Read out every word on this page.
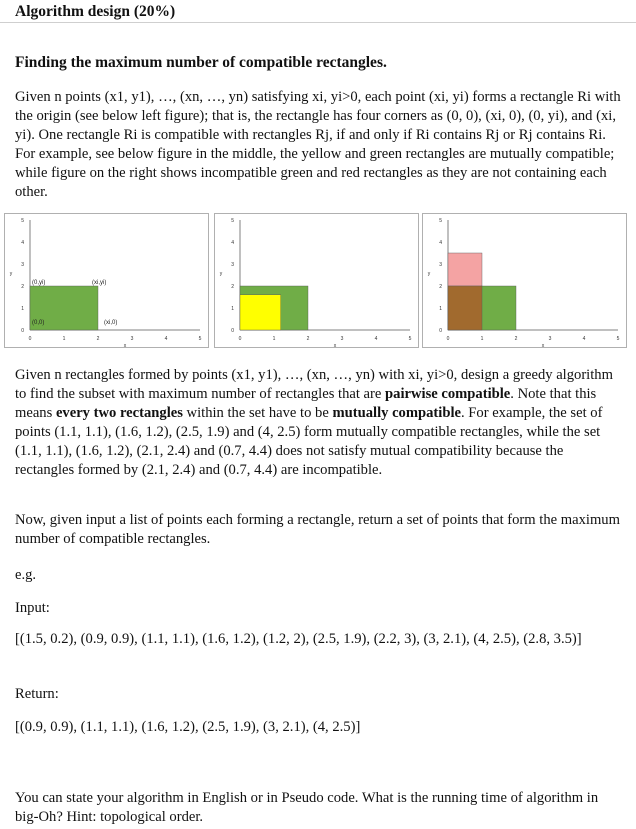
Algorithm design (20%)

Finding the maximum number of compatible rectangles.

Given n points (x1, y1), …, (xn, …, yn) satisfying xi, yi>0, each point (xi, yi) forms a rectangle Ri with the origin (see below left figure); that is, the rectangle has four corners as (0, 0), (xi, 0), (0, yi), and (xi, yi). One rectangle Ri is compatible with rectangles Rj, if and only if Ri contains Rj or Rj contains Ri. For example, see below figure in the middle, the yellow and green rectangles are mutually compatible; while figure on the right shows incompatible green and red rectangles as they are not containing each other.

0	1	2	3	4	5
0
1
2
3
4
5
x
y
(0,yi)	(xi,yi)
(0,0)	(xi,0)
0	1	2	3	4	5
0
1
2
3
4
5
x
y
0	1	2	3	4	5
0
1
2
3
4
5
x
y

Given n rectangles formed by points (x1, y1), …, (xn, …, yn) with xi, yi>0, design a greedy algorithm to find the subset with maximum number of rectangles that are pairwise compatible. Note that this means every two rectangles within the set have to be mutually compatible. For example, the set of points (1.1, 1.1), (1.6, 1.2), (2.5, 1.9) and (4, 2.5) form mutually compatible rectangles, while the set (1.1, 1.1), (1.6, 1.2), (2.1, 2.4) and (0.7, 4.4) does not satisfy mutual compatibility because the rectangles formed by (2.1, 2.4) and (0.7, 4.4) are incompatible.

Now, given input a list of points each forming a rectangle, return a set of points that form the maximum number of compatible rectangles.

e.g.

Input:

[(1.5, 0.2), (0.9, 0.9), (1.1, 1.1), (1.6, 1.2), (1.2, 2), (2.5, 1.9), (2.2, 3), (3, 2.1), (4, 2.5), (2.8, 3.5)]

Return:

[(0.9, 0.9), (1.1, 1.1), (1.6, 1.2), (2.5, 1.9), (3, 2.1), (4, 2.5)]

You can state your algorithm in English or in Pseudo code. What is the running time of algorithm in big-Oh? Hint: topological order.
